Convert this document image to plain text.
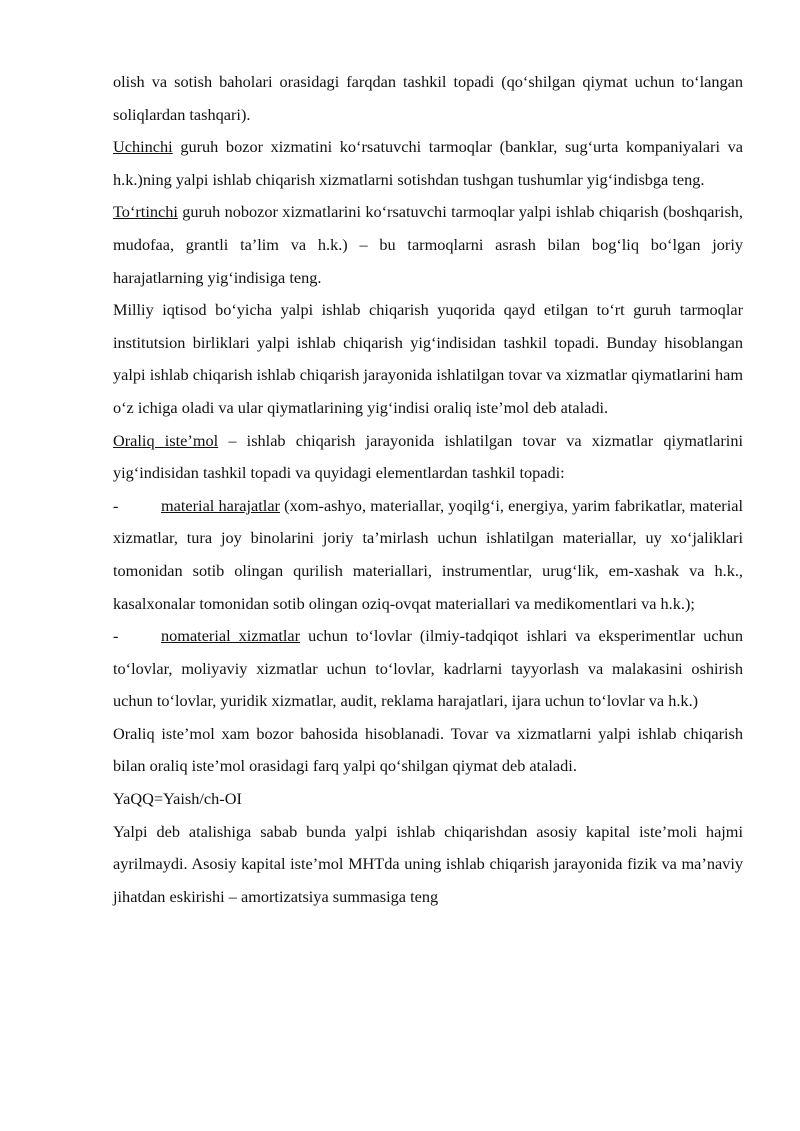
olish va sotish baholari orasidagi farqdan tashkil topadi (qo‘shilgan qiymat uchun to‘langan soliqlardan tashqari).

Uchinchi guruh bozor xizmatini ko‘rsatuvchi tarmoqlar (banklar, sug‘urta kompaniyalari va h.k.)ning yalpi ishlab chiqarish xizmatlarni sotishdan tushgan tushumlar yig‘indisbga teng.

To‘rtinchi guruh nobozor xizmatlarini ko‘rsatuvchi tarmoqlar yalpi ishlab chiqarish (boshqarish, mudofaa, grantli ta’lim va h.k.) – bu tarmoqlarni asrash bilan bog‘liq bo‘lgan joriy harajatlarning yig‘indisiga teng.

Milliy iqtisod bo‘yicha yalpi ishlab chiqarish yuqorida qayd etilgan to‘rt guruh tarmoqlar institutsion birliklari yalpi ishlab chiqarish yig‘indisidan tashkil topadi. Bunday hisoblangan yalpi ishlab chiqarish ishlab chiqarish jarayonida ishlatilgan tovar va xizmatlar qiymatlarini ham o‘z ichiga oladi va ular qiymatlarining yig‘indisi oraliq iste’mol deb ataladi.

Oraliq iste’mol – ishlab chiqarish jarayonida ishlatilgan tovar va xizmatlar qiymatlarini yig‘indisidan tashkil topadi va quyidagi elementlardan tashkil topadi:

-	material harajatlar (xom-ashyo, materiallar, yoqilg‘i, energiya, yarim fabrikatlar, material xizmatlar, tura joy binolarini joriy ta’mirlash uchun ishlatilgan materiallar, uy xo‘jaliklari tomonidan sotib olingan qurilish materiallari, instrumentlar, urug‘lik, em-xashak va h.k., kasalxonalar tomonidan sotib olingan oziq-ovqat materiallari va medikomentlari va h.k.);

-	nomaterial xizmatlar uchun to‘lovlar (ilmiy-tadqiqot ishlari va eksperimentlar uchun to‘lovlar, moliyaviy xizmatlar uchun to‘lovlar, kadrlarni tayyorlash va malakasini oshirish uchun to‘lovlar, yuridik xizmatlar, audit, reklama harajatlari, ijara uchun to‘lovlar va h.k.)

Oraliq iste’mol xam bozor bahosida hisoblanadi. Tovar va xizmatlarni yalpi ishlab chiqarish bilan oraliq iste’mol orasidagi farq yalpi qo‘shilgan qiymat deb ataladi.

YaQQ=Yaish/ch-OI

Yalpi deb atalishiga sabab bunda yalpi ishlab chiqarishdan asosiy kapital iste’moli hajmi ayrilmaydi. Asosiy kapital iste’mol MHTda uning ishlab chiqarish jarayonida fizik va ma’naviy jihatdan eskirishi – amortizatsiya summasiga teng
